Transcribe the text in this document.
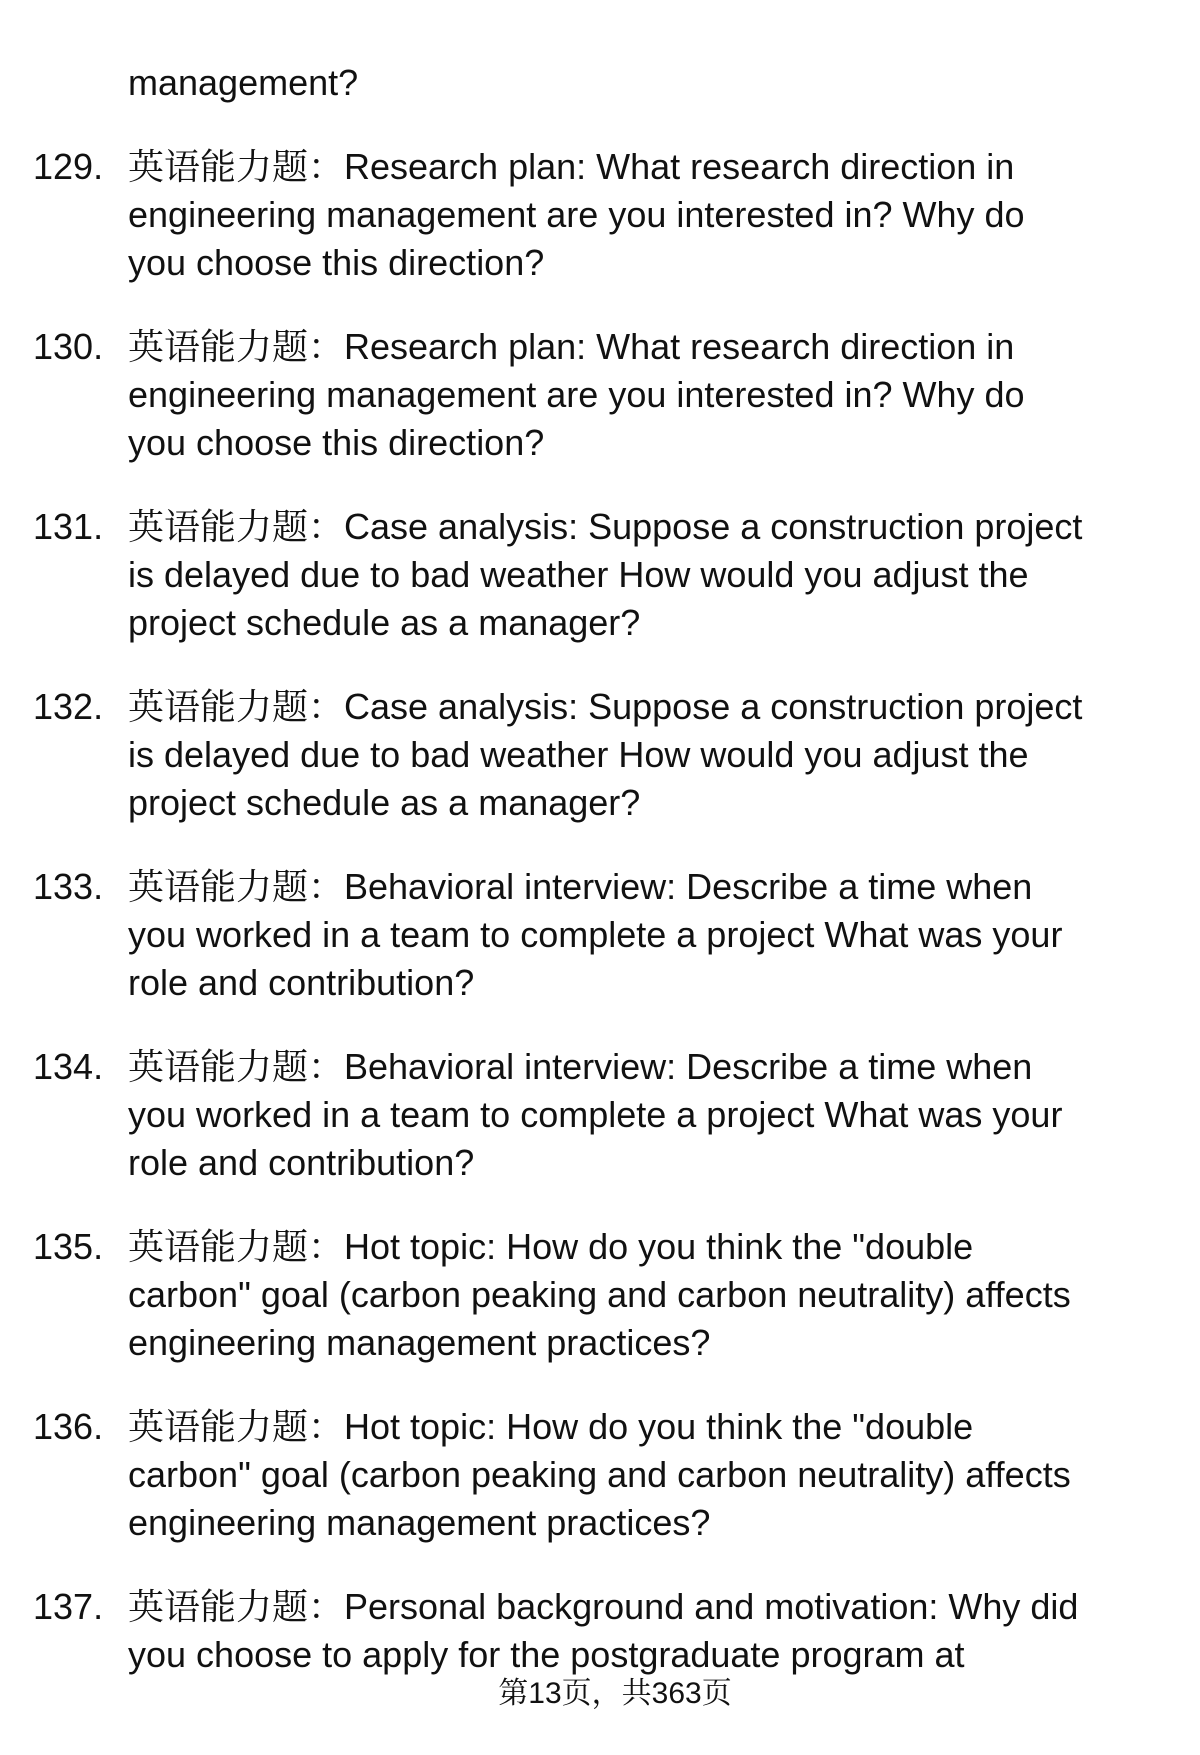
management?
129. 英语能力题：Research plan: What research direction in
engineering management are you interested in? Why do
you choose this direction?
130. 英语能力题：Research plan: What research direction in
engineering management are you interested in? Why do
you choose this direction?
131. 英语能力题：Case analysis: Suppose a construction project
is delayed due to bad weather How would you adjust the
project schedule as a manager?
132. 英语能力题：Case analysis: Suppose a construction project
is delayed due to bad weather How would you adjust the
project schedule as a manager?
133. 英语能力题：Behavioral interview: Describe a time when
you worked in a team to complete a project What was your
role and contribution?
134. 英语能力题：Behavioral interview: Describe a time when
you worked in a team to complete a project What was your
role and contribution?
135. 英语能力题：Hot topic: How do you think the "double
carbon" goal (carbon peaking and carbon neutrality) affects
engineering management practices?
136. 英语能力题：Hot topic: How do you think the "double
carbon" goal (carbon peaking and carbon neutrality) affects
engineering management practices?
137. 英语能力题：Personal background and motivation: Why did
you choose to apply for the postgraduate program at
第13页，共363页
